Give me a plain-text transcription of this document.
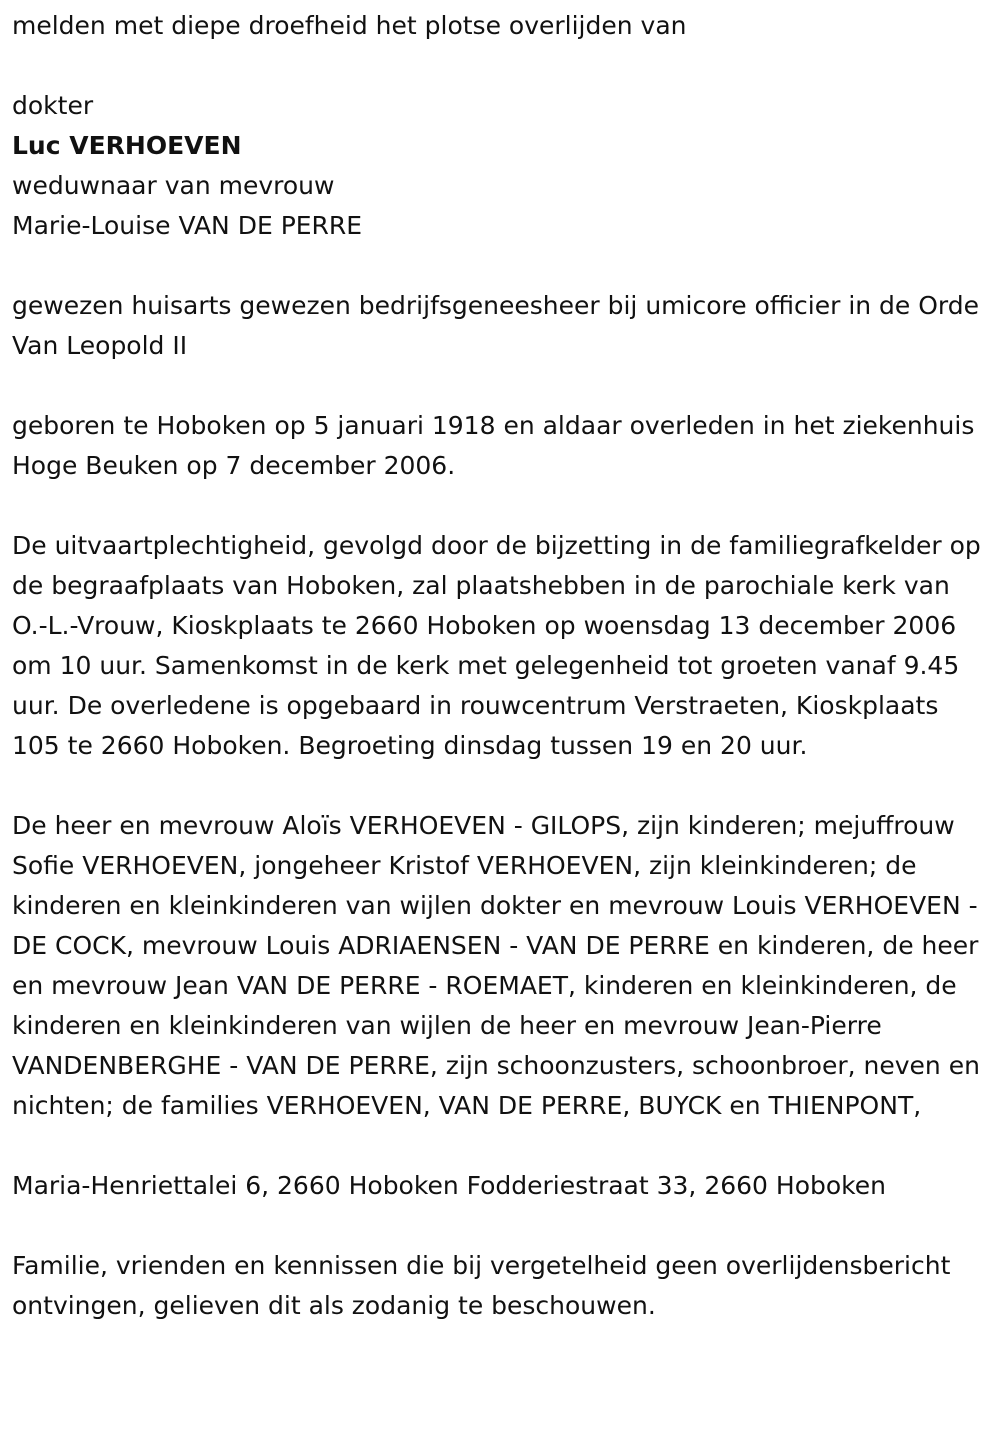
melden met diepe droefheid het plotse overlijden van

dokter

Luc VERHOEVEN

weduwnaar van mevrouw

Marie-Louise VAN DE PERRE

gewezen huisarts gewezen bedrijfsgeneesheer bij umicore officier in de Orde Van Leopold II

geboren te Hoboken op 5 januari 1918 en aldaar overleden in het ziekenhuis Hoge Beuken op 7 december 2006.

De uitvaartplechtigheid, gevolgd door de bijzetting in de familiegrafkelder op de begraafplaats van Hoboken, zal plaatshebben in de parochiale kerk van O.-L.-Vrouw, Kioskplaats te 2660 Hoboken op woensdag 13 december 2006 om 10 uur. Samenkomst in de kerk met gelegenheid tot groeten vanaf 9.45 uur. De overledene is opgebaard in rouwcentrum Verstraeten, Kioskplaats 105 te 2660 Hoboken. Begroeting dinsdag tussen 19 en 20 uur.

De heer en mevrouw Aloïs VERHOEVEN - GILOPS, zijn kinderen; mejuffrouw Sofie VERHOEVEN, jongeheer Kristof VERHOEVEN, zijn kleinkinderen; de kinderen en kleinkinderen van wijlen dokter en mevrouw Louis VERHOEVEN - DE COCK, mevrouw Louis ADRIAENSEN - VAN DE PERRE en kinderen, de heer en mevrouw Jean VAN DE PERRE - ROEMAET, kinderen en kleinkinderen, de kinderen en kleinkinderen van wijlen de heer en mevrouw Jean-Pierre VANDENBERGHE - VAN DE PERRE, zijn schoonzusters, schoonbroer, neven en nichten; de families VERHOEVEN, VAN DE PERRE, BUYCK en THIENPONT,

Maria-Henriettalei 6, 2660 Hoboken Fodderiestraat 33, 2660 Hoboken

Familie, vrienden en kennissen die bij vergetelheid geen overlijdensbericht ontvingen, gelieven dit als zodanig te beschouwen.
